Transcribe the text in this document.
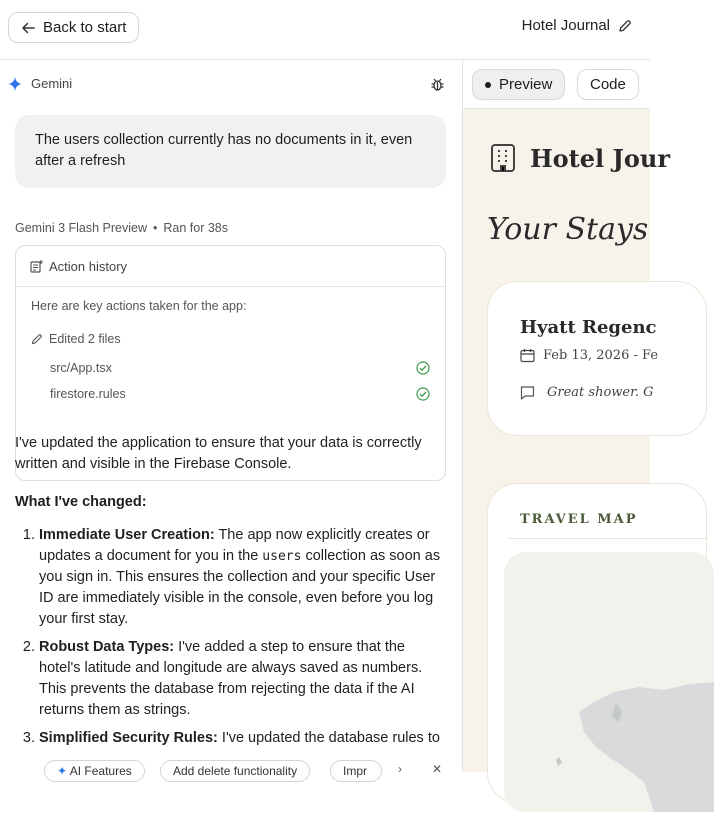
Back to start	Hotel Journal
Gemini
The users collection currently has no documents in it, even after a refresh
Gemini 3 Flash Preview • Ran for 38s
Action history
Here are key actions taken for the app:
Edited 2 files
src/App.tsx
firestore.rules

I've updated the application to ensure that your data is correctly written and visible in the Firebase Console.

What I've changed:
1. Immediate User Creation: The app now explicitly creates or updates a document for you in the users collection as soon as you sign in. This ensures the collection and your specific User ID are immediately visible in the console, even before you log your first stay.
2. Robust Data Types: I've added a step to ensure that the hotel's latitude and longitude are always saved as numbers. This prevents the database from rejecting the data if the AI returns them as strings.
3. Simplified Security Rules: I've updated the database rules to
✦ AI Features	Add delete functionality	Impr	›	✕
Preview	Code
Hotel Jour
Your Stays
Hyatt Regenc
Feb 13, 2026 - Fe
Great shower. G
TRAVEL MAP
